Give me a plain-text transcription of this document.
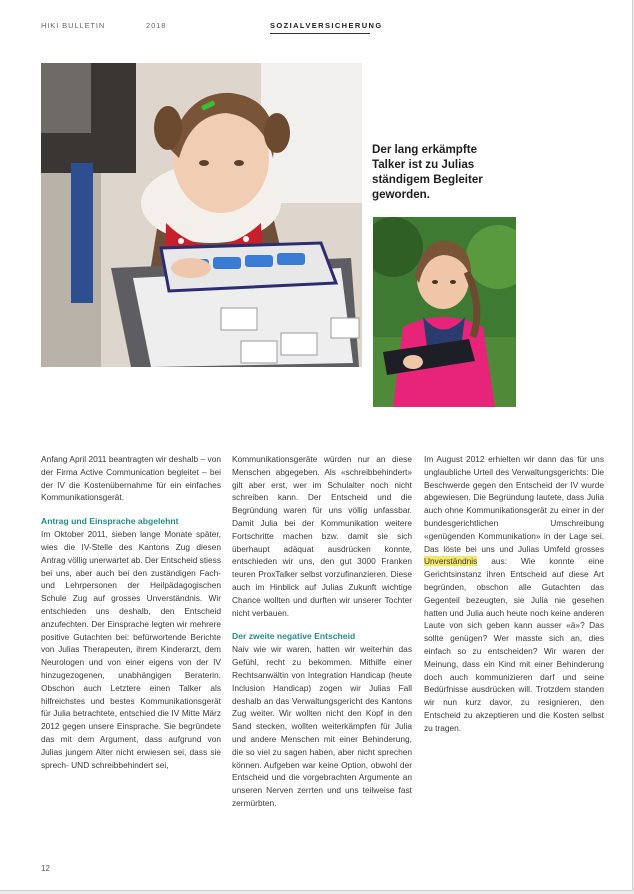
HIKI BULLETIN	2018	SOZIALVERSICHERUNG
Der lang erkämpfte Talker ist zu Julias ständigem Begleiter geworden.

Anfang April 2011 beantragten wir deshalb – von der Firma Active Communication begleitet – bei der IV die Kostenübernahme für ein einfaches Kommunikationsgerät.

Antrag und Einsprache abgelehnt

Im Oktober 2011, sieben lange Monate später, wies die IV-Stelle des Kantons Zug diesen Antrag völlig unerwartet ab. Der Entscheid stiess bei uns, aber auch bei den zuständigen Fach- und Lehrpersonen der Heilpädagogischen Schule Zug auf grosses Unverständnis. Wir entschieden uns deshalb, den Entscheid anzufechten. Der Einsprache legten wir mehrere positive Gutachten bei: befürwortende Berichte von Julias Therapeuten, ihrem Kinderarzt, dem Neurologen und von einer eigens von der IV hinzugezogenen, unabhängigen Beraterin. Obschon auch Letztere einen Talker als hilfreichstes und bestes Kommunikationsgerät für Julia betrachtete, entschied die IV Mitte März 2012 gegen unsere Einsprache. Sie begründete das mit dem Argument, dass aufgrund von Julias jungem Alter nicht erwiesen sei, dass sie sprech- UND schreibbehindert sei,

Kommunikationsgeräte würden nur an diese Menschen abgegeben. Als «schreibbehindert» gilt aber erst, wer im Schulalter noch nicht schreiben kann. Der Entscheid und die Begründung waren für uns völlig unfassbar. Damit Julia bei der Kommunikation weitere Fortschritte machen bzw. damit sie sich überhaupt adäquat ausdrücken konnte, entschieden wir uns, den gut 3000 Franken teuren ProxTalker selbst vorzufinanzieren. Diese auch im Hinblick auf Julias Zukunft wichtige Chance wollten und durften wir unserer Tochter nicht verbauen.

Der zweite negative Entscheid

Naiv wie wir waren, hatten wir weiterhin das Gefühl, recht zu bekommen. Mithilfe einer Rechtsanwältin von Integration Handicap (heute Inclusion Handicap) zogen wir Julias Fall deshalb an das Verwaltungsgericht des Kantons Zug weiter. Wir wollten nicht den Kopf in den Sand stecken, wollten weiterkämpfen für Julia und andere Menschen mit einer Behinderung, die so viel zu sagen haben, aber nicht sprechen können. Aufgeben war keine Option, obwohl der Entscheid und die vorgebrachten Argumente an unseren Nerven zerrten und uns teilweise fast zermürbten.

Im August 2012 erhielten wir dann das für uns unglaubliche Urteil des Verwaltungsgerichts: Die Beschwerde gegen den Entscheid der IV wurde abgewiesen. Die Begründung lautete, dass Julia auch ohne Kommunikationsgerät zu einer in der bundesgerichtlichen Umschreibung «genügenden Kommunikation» in der Lage sei. Das löste bei uns und Julias Umfeld grosses Unverständnis aus: Wie konnte eine Gerichtsinstanz ihren Entscheid auf diese Art begründen, obschon alle Gutachten das Gegenteil bezeugten, sie Julia nie gesehen hatten und Julia auch heute noch keine anderen Laute von sich geben kann ausser «ä»? Das sollte genügen? Wer masste sich an, dies einfach so zu entscheiden? Wir waren der Meinung, dass ein Kind mit einer Behinderung doch auch kommunizieren darf und seine Bedürfnisse ausdrücken will. Trotzdem standen wir nun kurz davor, zu resignieren, den Entscheid zu akzeptieren und die Kosten selbst zu tragen.

12
